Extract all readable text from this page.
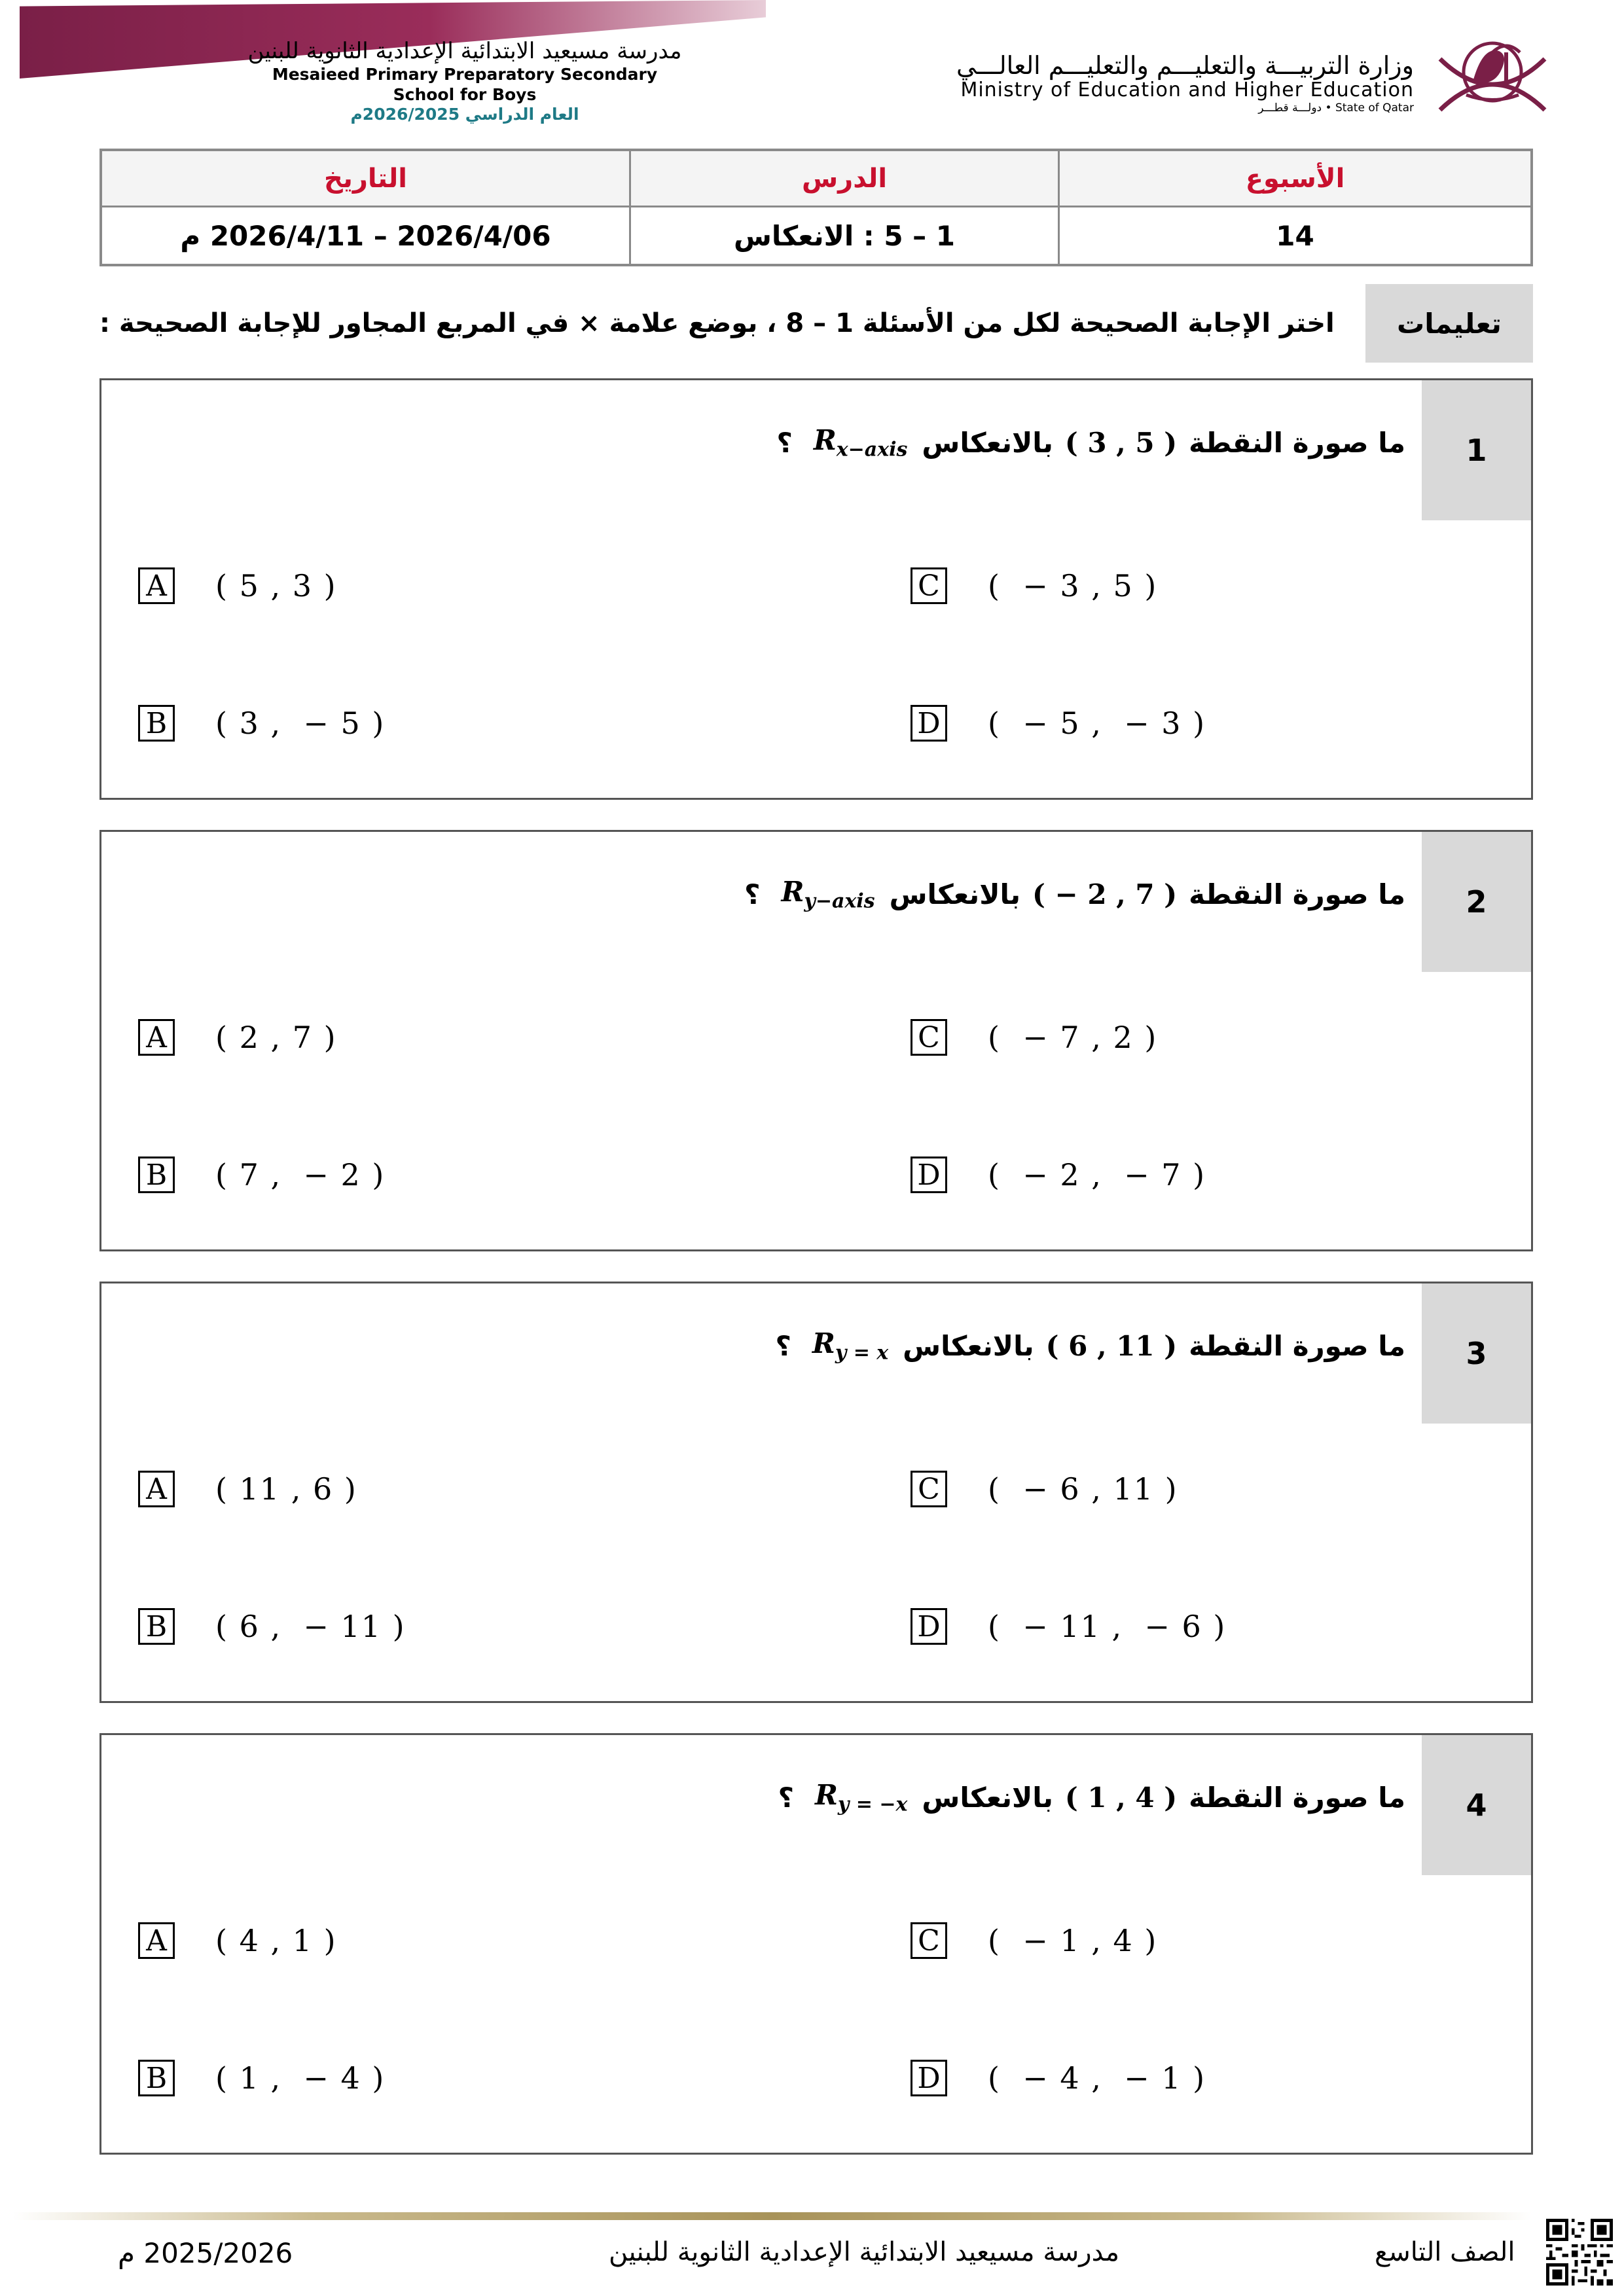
مدرسة مسيعيد الابتدائية الإعدادية الثانوية للبنين
Mesaieed Primary Preparatory Secondary
School for Boys
العام الدراسي 2026/2025م
وزارة التربيـــة والتعليـــم والتعليـــم العالـــي
Ministry of Education and Higher Education
State of Qatar • دولـــة قطـــر
التاريخ	الدرس	الأسبوع
2026/4/06 – 2026/4/11 م	1 – 5 : الانعكاس	14
تعليمات
اختر الإجابة الصحيحة لكل من الأسئلة 1 – 8 ، بوضع علامة × في المربع المجاور للإجابة الصحيحة :
1
ما صورة النقطة
( 3 , 5 )
بالانعكاس
$R_{x-axis}$
؟
A ( 5 , 3 )
B ( 3 ,  − 5 )
C (  − 3 , 5 )
D (  − 5 ,  − 3 )
2
ما صورة النقطة
( − 2 , 7 )
بالانعكاس
$R_{y-axis}$
؟
A ( 2 , 7 )
B ( 7 ,  − 2 )
C (  − 7 , 2 )
D (  − 2 ,  − 7 )
3
ما صورة النقطة
( 6 , 11 )
بالانعكاس
$R_{y = x}$
؟
A ( 11 , 6 )
B ( 6 ,  − 11 )
C (  − 6 , 11 )
D (  − 11 ,  − 6 )
4
ما صورة النقطة
( 1 , 4 )
بالانعكاس
$R_{y = -x}$
؟
A ( 4 , 1 )
B ( 1 ,  − 4 )
C (  − 1 , 4 )
D (  − 4 ,  − 1 )
2025/2026 م	مدرسة مسيعيد الابتدائية الإعدادية الثانوية للبنين	الصف التاسع
